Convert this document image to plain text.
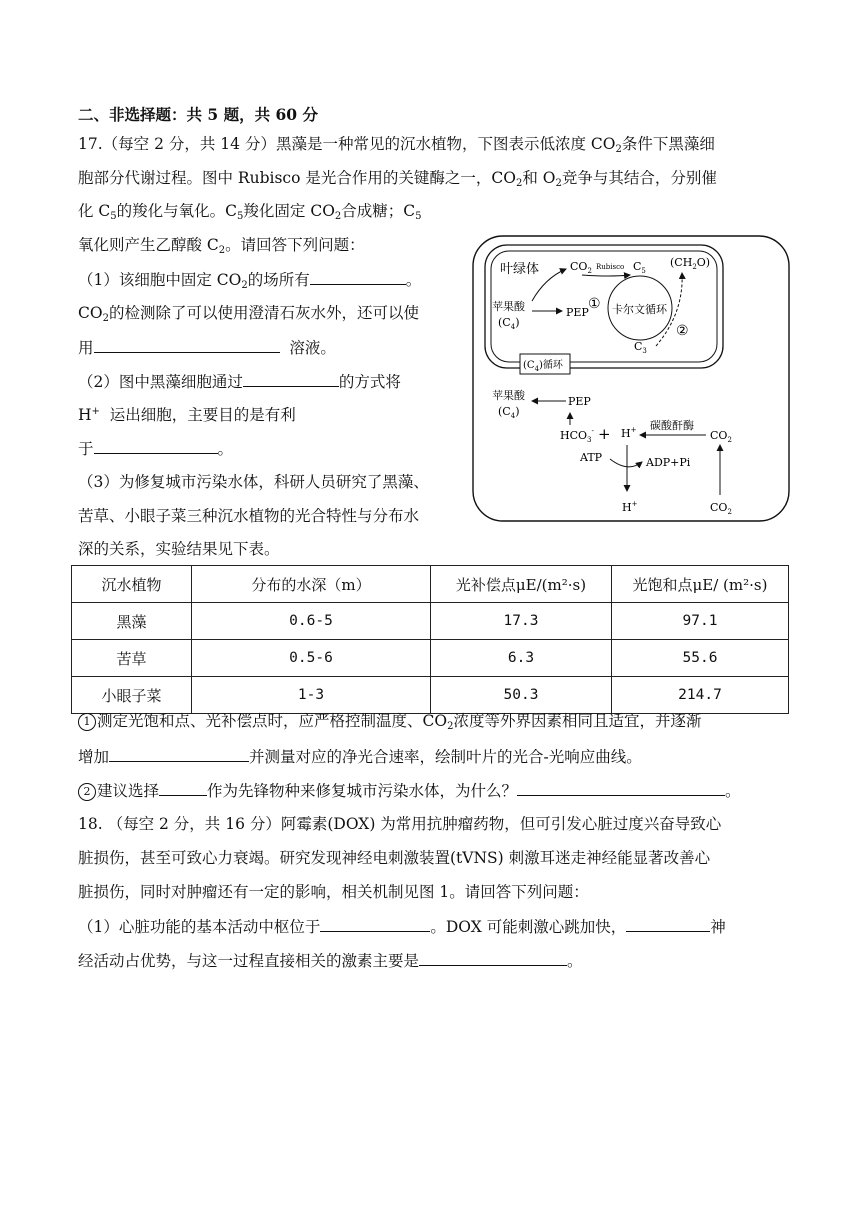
二、非选择题：共 5 题，共 60 分
17.（每空 2 分，共 14 分）黑藻是一种常见的沉水植物，下图表示低浓度 $CO_2$条件下黑藻细
胞部分代谢过程。图中 Rubisco 是光合作用的关键酶之一，$CO_2$和 $O_2$竞争与其结合，分别催
化 $C_5$的羧化与氧化。$C_5$羧化固定 $CO_2$合成糖；$C_5$
氧化则产生乙醇酸 $C_2$。请回答下列问题：
（1）该细胞中固定 $CO_2$的场所有	。
$CO_2$的检测除了可以使用澄清石灰水外，还可以使
用	溶液。
（2）图中黑藻细胞通过	的方式将
H+ 运出细胞，主要目的是有利
于	。
（3）为修复城市污染水体，科研人员研究了黑藻、
苦草、小眼子菜三种沉水植物的光合特性与分布水
深的关系，实验结果见下表。
叶绿体	$CO_2$ Rubisco $C_5$
$(CH_2O)$
苹果酸
$(C_4)$
PEP 卡尔文循环
①
②
$C_3$
$(C_4)$循环
苹果酸
$(C_4)$
PEP
$HCO_3^- + H^+$ 碳酸酐酶
$CO_2$
ATP	ADP+Pi
H+	$CO_2$
沉水植物	分布的水深（m）	光补偿点μE/(m²·s)	光饱和点μE/ (m²·s)
黑藻	0.6-5	17.3	97.1
苦草	0.5-6	6.3	55.6
小眼子菜	1-3	50.3	214.7
1 测定光饱和点、光补偿点时，应严格控制温度、$CO_2$浓度等外界因素相同且适宜，并逐渐
增加	并测量对应的净光合速率，绘制叶片的光合-光响应曲线。
2 建议选择	作为先锋物种来修复城市污染水体，为什么？	。
18. （每空 2 分，共 16 分）阿霉素(DOX) 为常用抗肿瘤药物，但可引发心脏过度兴奋导致心
脏损伤，甚至可致心力衰竭。研究发现神经电刺激装置(tVNS) 刺激耳迷走神经能显著改善心
脏损伤，同时对肿瘤还有一定的影响，相关机制见图 1。请回答下列问题：
（1）心脏功能的基本活动中枢位于	。DOX 可能刺激心跳加快，	神
经活动占优势，与这一过程直接相关的激素主要是	。
